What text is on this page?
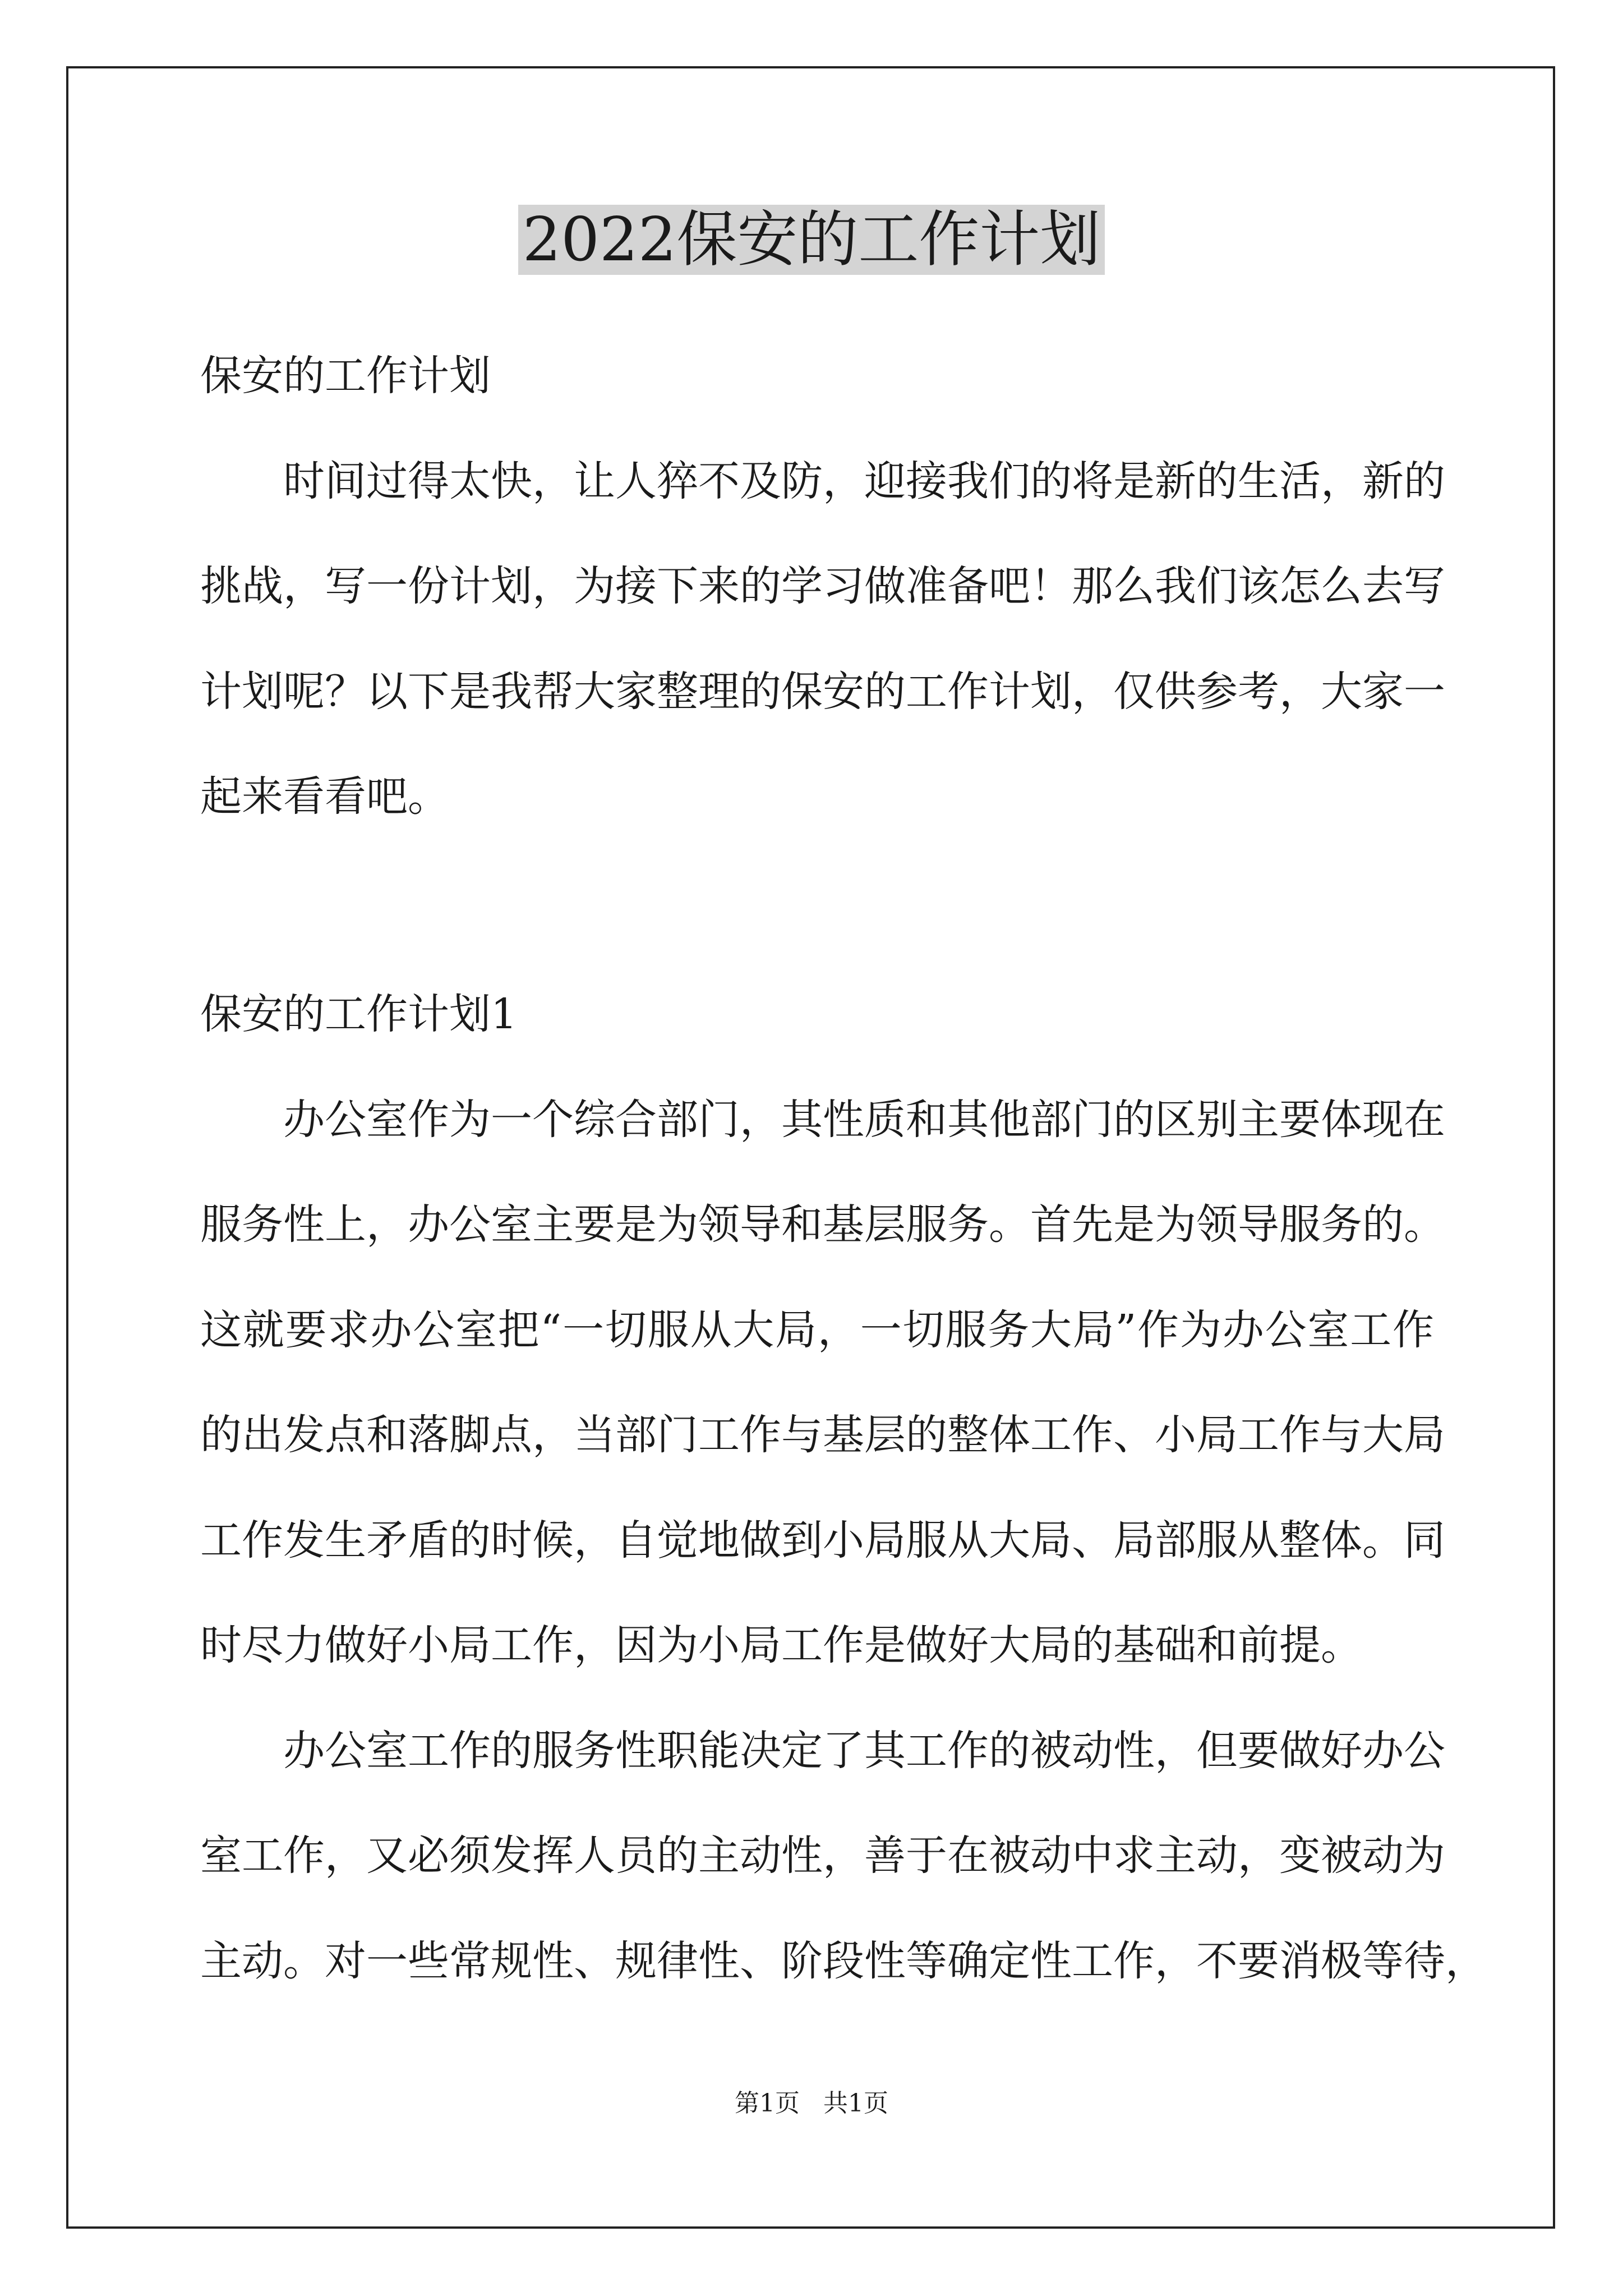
2022保安的工作计划
保安的工作计划
时间过得太快，让人猝不及防，迎接我们的将是新的生活，新的
挑战，写一份计划，为接下来的学习做准备吧！那么我们该怎么去写
计划呢？以下是我帮大家整理的保安的工作计划，仅供参考，大家一
起来看看吧。
保安的工作计划1
办公室作为一个综合部门，其性质和其他部门的区别主要体现在
服务性上，办公室主要是为领导和基层服务。首先是为领导服务的。
这就要求办公室把“一切服从大局，一切服务大局”作为办公室工作
的出发点和落脚点，当部门工作与基层的整体工作、小局工作与大局
工作发生矛盾的时候，自觉地做到小局服从大局、局部服从整体。同
时尽力做好小局工作，因为小局工作是做好大局的基础和前提。
办公室工作的服务性职能决定了其工作的被动性，但要做好办公
室工作，又必须发挥人员的主动性，善于在被动中求主动，变被动为
主动。对一些常规性、规律性、阶段性等确定性工作，不要消极等待，
第1页   共1页
